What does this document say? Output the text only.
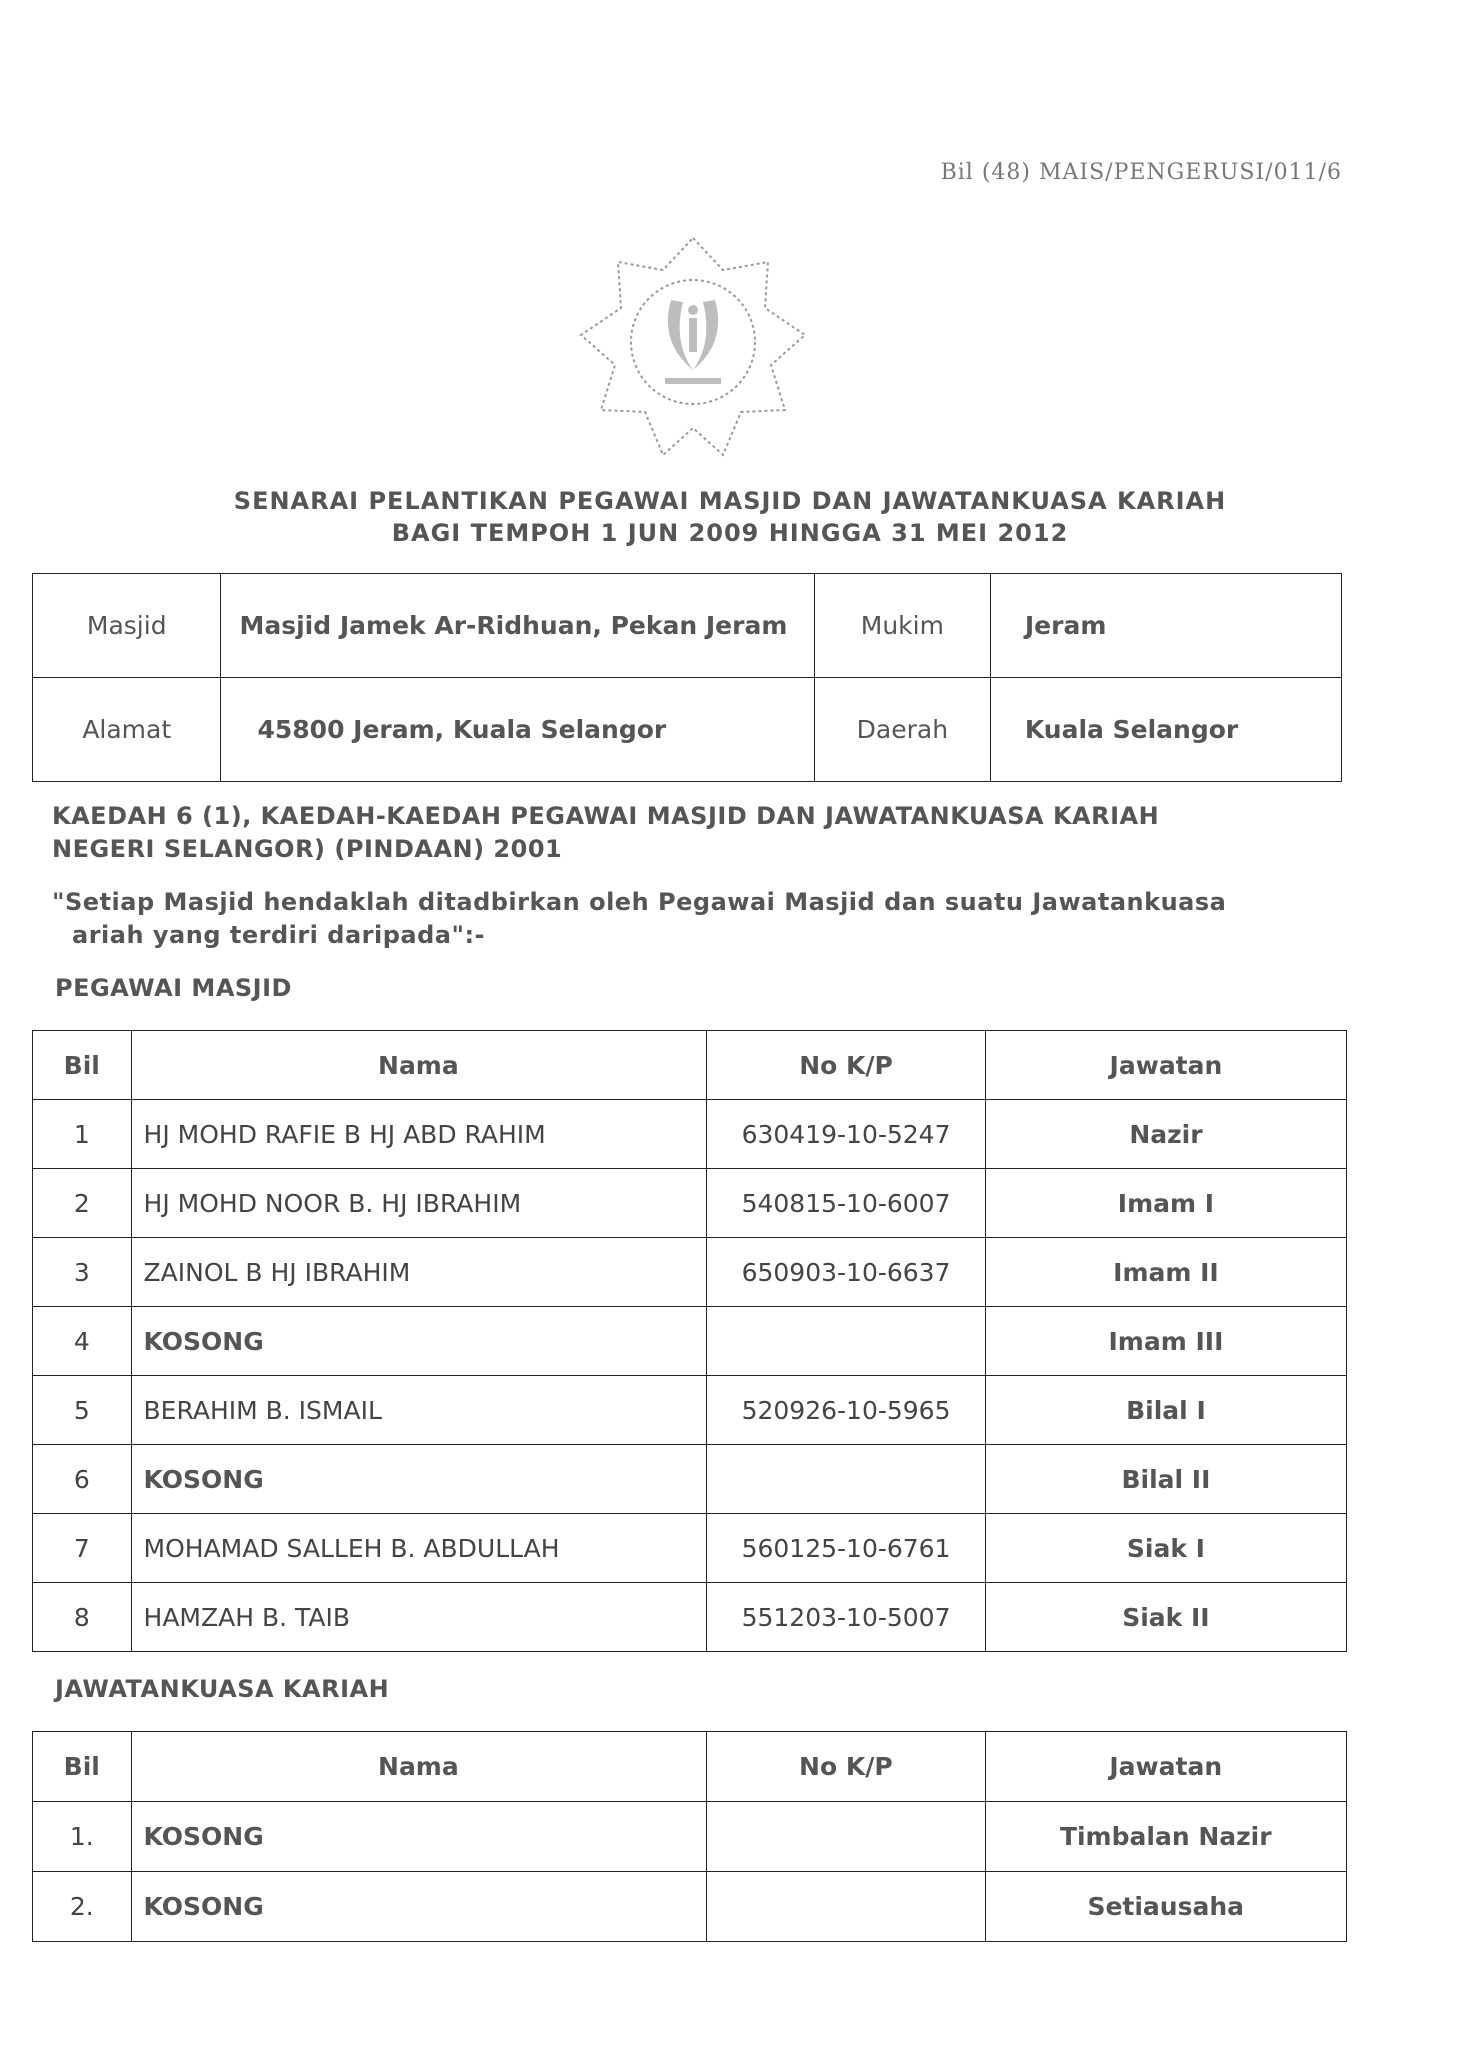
Bil (48) MAIS/PENGERUSI/011/6
SENARAI PELANTIKAN PEGAWAI MASJID DAN JAWATANKUASA KARIAH
BAGI TEMPOH 1 JUN 2009 HINGGA 31 MEI 2012
Masjid	Masjid Jamek Ar-Ridhuan, Pekan Jeram	Mukim	Jeram
Alamat	45800 Jeram, Kuala Selangor	Daerah	Kuala Selangor
KAEDAH 6 (1), KAEDAH-KAEDAH PEGAWAI MASJID DAN JAWATANKUASA KARIAH
NEGERI SELANGOR) (PINDAAN) 2001
"Setiap Masjid hendaklah ditadbirkan oleh Pegawai Masjid dan suatu Jawatankuasa
ariah yang terdiri daripada":-
PEGAWAI MASJID
Bil	Nama	No K/P	Jawatan
1	HJ MOHD RAFIE B HJ ABD RAHIM	630419-10-5247	Nazir
2	HJ MOHD NOOR B. HJ IBRAHIM	540815-10-6007	Imam I
3	ZAINOL B HJ IBRAHIM	650903-10-6637	Imam II
4	KOSONG		Imam III
5	BERAHIM B. ISMAIL	520926-10-5965	Bilal I
6	KOSONG		Bilal II
7	MOHAMAD SALLEH B. ABDULLAH	560125-10-6761	Siak I
8	HAMZAH B. TAIB	551203-10-5007	Siak II
JAWATANKUASA KARIAH
Bil	Nama	No K/P	Jawatan
1.	KOSONG		Timbalan Nazir
2.	KOSONG		Setiausaha
